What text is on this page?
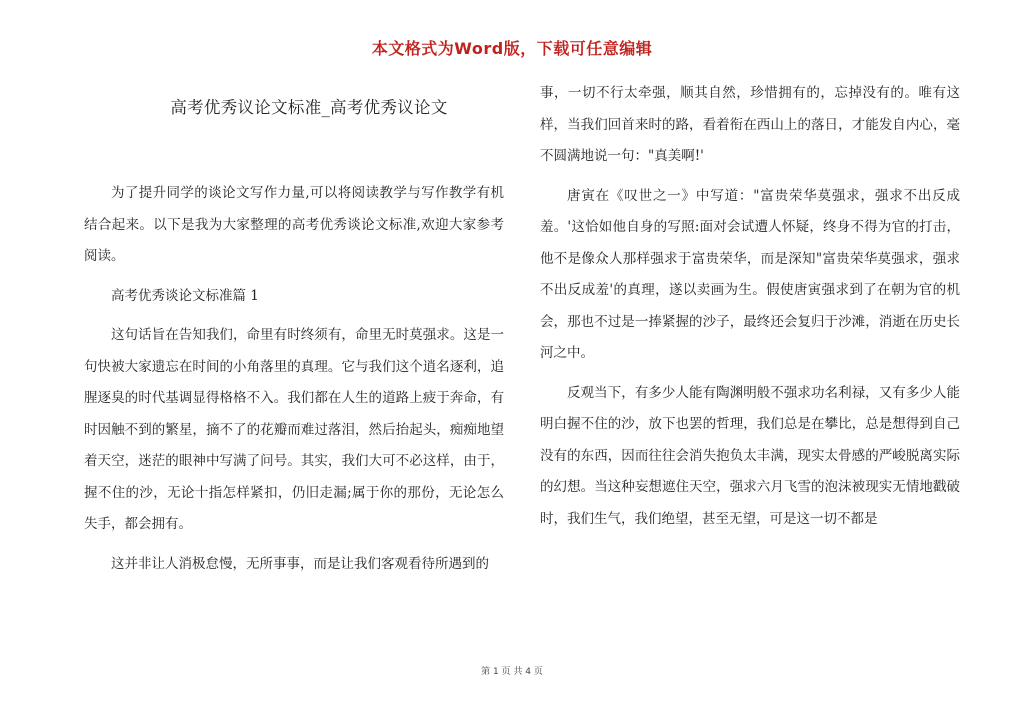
本文格式为Word版，下载可任意编辑
高考优秀议论文标准_高考优秀议论文

为了提升同学的谈论文写作力量,可以将阅读教学与写作教学有机结合起来。以下是我为大家整理的高考优秀谈论文标准,欢迎大家参考阅读。

高考优秀谈论文标准篇 1

这句话旨在告知我们，命里有时终须有，命里无时莫强求。这是一句快被大家遗忘在时间的小角落里的真理。它与我们这个逍名逐利，追腥逐臭的时代基调显得格格不入。我们都在人生的道路上疲于奔命，有时因触不到的繁星，摘不了的花瓣而难过落泪，然后抬起头，痴痴地望着天空，迷茫的眼神中写满了问号。其实，我们大可不必这样，由于，握不住的沙，无论十指怎样紧扣，仍旧走漏;属于你的那份，无论怎么失手，都会拥有。

这并非让人消极怠慢，无所事事，而是让我们客观看待所遇到的

事，一切不行太牵强，顺其自然，珍惜拥有的，忘掉没有的。唯有这样，当我们回首来时的路，看着衔在西山上的落日，才能发自内心，毫不圆满地说一句："真美啊!'

唐寅在《叹世之一》中写道："富贵荣华莫强求，强求不出反成羞。'这恰如他自身的写照:面对会试遭人怀疑，终身不得为官的打击，他不是像众人那样强求于富贵荣华，而是深知"富贵荣华莫强求，强求不出反成羞'的真理，遂以卖画为生。假使唐寅强求到了在朝为官的机会，那也不过是一捧紧握的沙子，最终还会复归于沙滩，消逝在历史长河之中。

反观当下，有多少人能有陶渊明般不强求功名利禄，又有多少人能明白握不住的沙，放下也罢的哲理，我们总是在攀比，总是想得到自己没有的东西，因而往往会消失抱负太丰满，现实太骨感的严峻脱离实际的幻想。当这种妄想遮住天空，强求六月飞雪的泡沫被现实无情地戳破时，我们生气，我们绝望，甚至无望，可是这一切不都是

第 1 页 共 4 页
